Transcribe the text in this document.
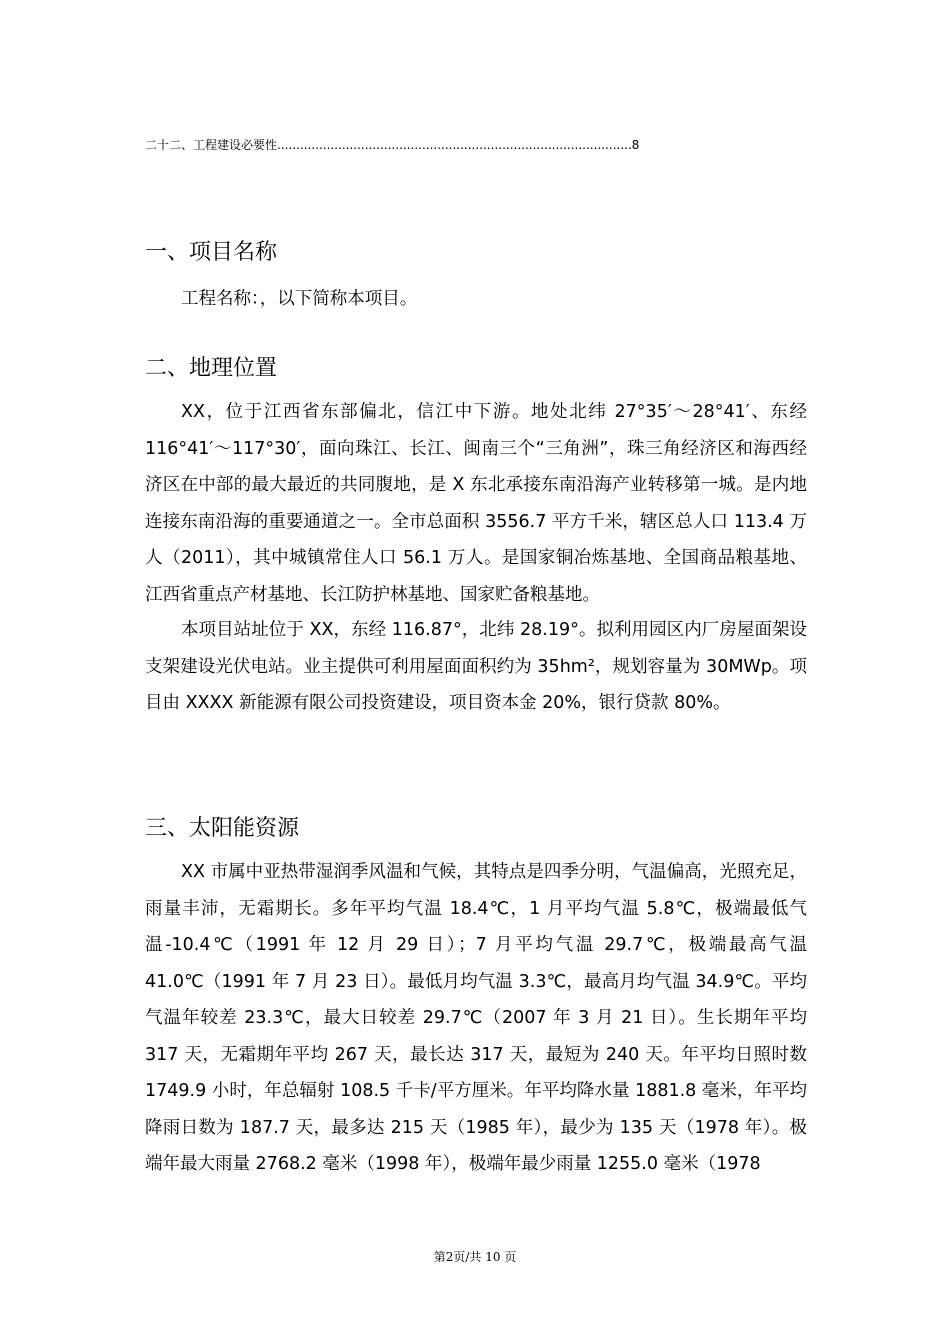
二十二、工程建设必要性.............................................................................................8
一、项目名称

工程名称：，以下简称本项目。

二、地理位置

XX，位于江西省东部偏北，信江中下游。地处北纬 27°35′～28°41′、东经 116°41′～117°30′，面向珠江、长江、闽南三个“三角洲”，珠三角经济区和海西经济区在中部的最大最近的共同腹地，是 X 东北承接东南沿海产业转移第一城。是内地连接东南沿海的重要通道之一。全市总面积 3556.7 平方千米，辖区总人口 113.4 万人（2011），其中城镇常住人口 56.1 万人。是国家铜冶炼基地、全国商品粮基地、江西省重点产材基地、长江防护林基地、国家贮备粮基地。

本项目站址位于 XX，东经 116.87°，北纬 28.19°。拟利用园区内厂房屋面架设支架建设光伏电站。业主提供可利用屋面面积约为 35hm²，规划容量为 30MWp。项目由 XXXX 新能源有限公司投资建设，项目资本金 20%，银行贷款 80%。

三、太阳能资源

XX 市属中亚热带湿润季风温和气候，其特点是四季分明，气温偏高，光照充足，雨量丰沛，无霜期长。多年平均气温 18.4℃，1 月平均气温 5.8℃，极端最低气温-10.4℃（1991 年 12 月 29 日）；7 月平均气温 29.7℃，极端最高气温 41.0℃（1991 年 7 月 23 日）。最低月均气温 3.3℃，最高月均气温 34.9℃。平均气温年较差 23.3℃，最大日较差 29.7℃（2007 年 3 月 21 日）。生长期年平均 317 天，无霜期年平均 267 天，最长达 317 天，最短为 240 天。年平均日照时数 1749.9 小时，年总辐射 108.5 千卡/平方厘米。年平均降水量 1881.8 毫米，年平均降雨日数为 187.7 天，最多达 215 天（1985 年），最少为 135 天（1978 年）。极端年最大雨量 2768.2 毫米（1998 年），极端年最少雨量 1255.0 毫米（1978

第2页/共 10 页
